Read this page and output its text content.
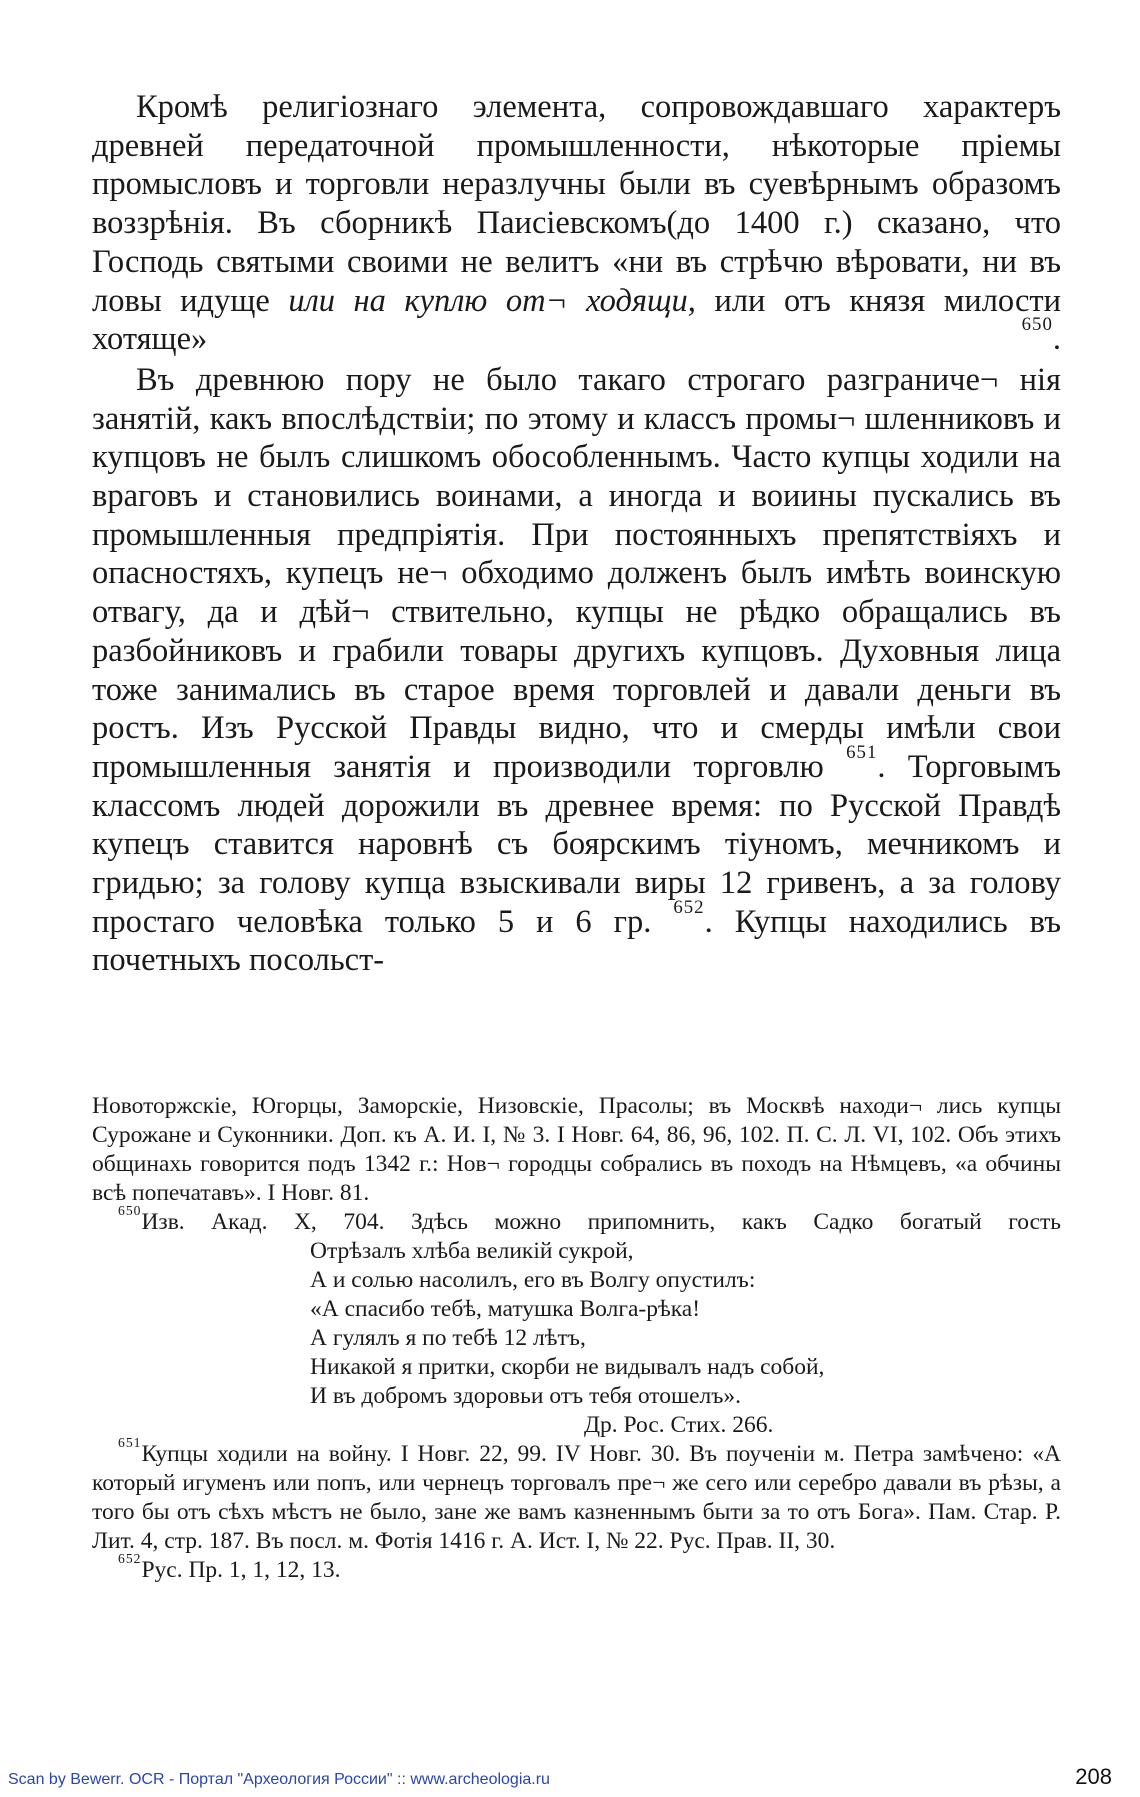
Кромѣ религiознаго элемента, сопровождавшаго характеръ древней передаточной промышленности, нѣкоторые прiемы промысловъ и торговли неразлучны были въ суевѣрнымъ образомъ воззрѣнiя. Въ сборникѣ Паисiевскомъ(до 1400 г.) сказано, что Господь святыми своими не велитъ «ни въ стрѣчю вѣровати, ни въ ловы идуще или на куплю от¬ ходящи, или отъ князя милости хотяще»	$^{650}$.

Въ древнюю пору не было такаго строгаго разграниче¬ нiя занятiй, какъ впослѣдствiи; по этому и классъ промы¬ шленниковъ и купцовъ не былъ слишкомъ обособленнымъ. Часто купцы ходили на враговъ и становились воинами, а иногда и воиины пускались въ промышленныя предпрiятiя. При постоянныхъ препятствiяхъ и опасностяхъ, купецъ не¬ обходимо долженъ былъ имѣть воинскую отвагу, да и дѣй¬ ствительно, купцы не рѣдко обращались въ разбойниковъ и грабили товары другихъ купцовъ. Духовныя лица тоже занимались въ старое время торговлей и давали деньги въ ростъ. Изъ Русской Правды видно, что и смерды имѣли свои промышленныя занятiя и производили торговлю $^{651}$. Торговымъ классомъ людей дорожили въ древнее время: по Русской Правдѣ купецъ ставится наровнѣ съ боярскимъ тiуномъ, мечникомъ и гридью; за голову купца взыскивали виры 12 гривенъ, а за голову простаго человѣка только 5 и 6 гр. $^{652}$. Купцы находились въ почетныхъ посольст-

Новоторжскiе, Югорцы, Заморскiе, Низовскiе, Прасолы; въ Москвѣ находи¬ лись купцы Сурожане и Суконники. Доп. къ А. И. I, № 3. I Новг. 64, 86, 96, 102. П. С. Л. VI, 102. Объ этихъ общинахь говорится подъ 1342 г.: Нов¬ городцы собрались въ походъ на Нѣмцевъ, «а обчины всѣ попечатавъ». I Новг. 81.

$^{650}$Изв. Акад. X, 704. Здѣсь можно припомнить, какъ Садко богатый гость

Отрѣзалъ хлѣба великiй сукрой,
А и солью насолилъ, его въ Волгу опустилъ:
«А спасибо тебѣ, матушка Волга-рѣка!
А гулялъ я по тебѣ 12 лѣтъ,
Никакой я притки, скорби не видывалъ надъ собой,
И въ добромъ здоровьи отъ тебя отошелъ».
Др. Рос. Стих. 266.

$^{651}$Купцы ходили на войну. I Новг. 22, 99. IV Новг. 30. Въ поученiи м. Петра замѣчено: «А который игуменъ или попъ, или чернецъ торговалъ пре¬ же сего или серебро давали въ рѣзы, а того бы отъ сѣхъ мѣстъ не было, зане же вамъ казненнымъ быти за то отъ Бога». Пам. Стар. Р. Лит. 4, стр. 187. Въ посл. м. Фотiя 1416 г. А. Ист. I, № 22. Рус. Прав. II, 30.

$^{652}$Рус. Пр. 1, 1, 12, 13.

Scan by Bewerr. OCR - Портал "Археология России" :: www.archeologia.ru	208
